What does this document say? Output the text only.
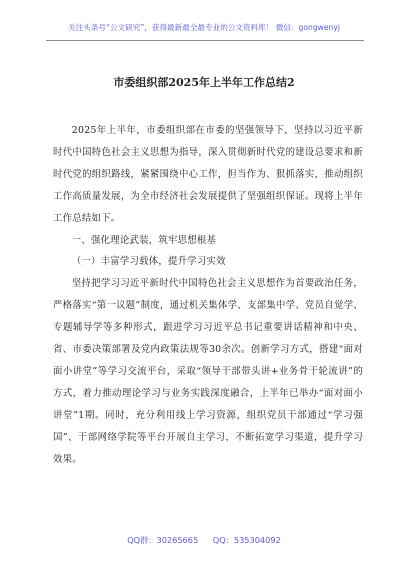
关注头条号“公文研究”，获得最新最全最专业的公文资料库！ 微信：gongwenyj
市委组织部2025年上半年工作总结2

2025年上半年，市委组织部在市委的坚强领导下，坚持以习近平新时代中国特色社会主义思想为指导，深入贯彻新时代党的建设总要求和新时代党的组织路线，紧紧围绕中心工作，担当作为、狠抓落实，推动组织工作高质量发展，为全市经济社会发展提供了坚强组织保证。现将上半年工作总结如下。

一、强化理论武装，筑牢思想根基

（一）丰富学习载体，提升学习实效

坚持把学习习近平新时代中国特色社会主义思想作为首要政治任务，严格落实“第一议题”制度，通过机关集体学、支部集中学、党员自觉学、专题辅导学等多种形式，跟进学习习近平总书记重要讲话精神和中央、省、市委决策部署及党内政策法规等30余次。创新学习方式，搭建“面对面小讲堂”等学习交流平台，采取“领导干部带头讲+业务骨干轮流讲”的方式，着力推动理论学习与业务实践深度融合，上半年已举办“面对面小讲堂”1期。同时，充分利用线上学习资源，组织党员干部通过“学习强国”、干部网络学院等平台开展自主学习，不断拓宽学习渠道，提升学习效果。

QQ群：30265665 QQ：535304092
